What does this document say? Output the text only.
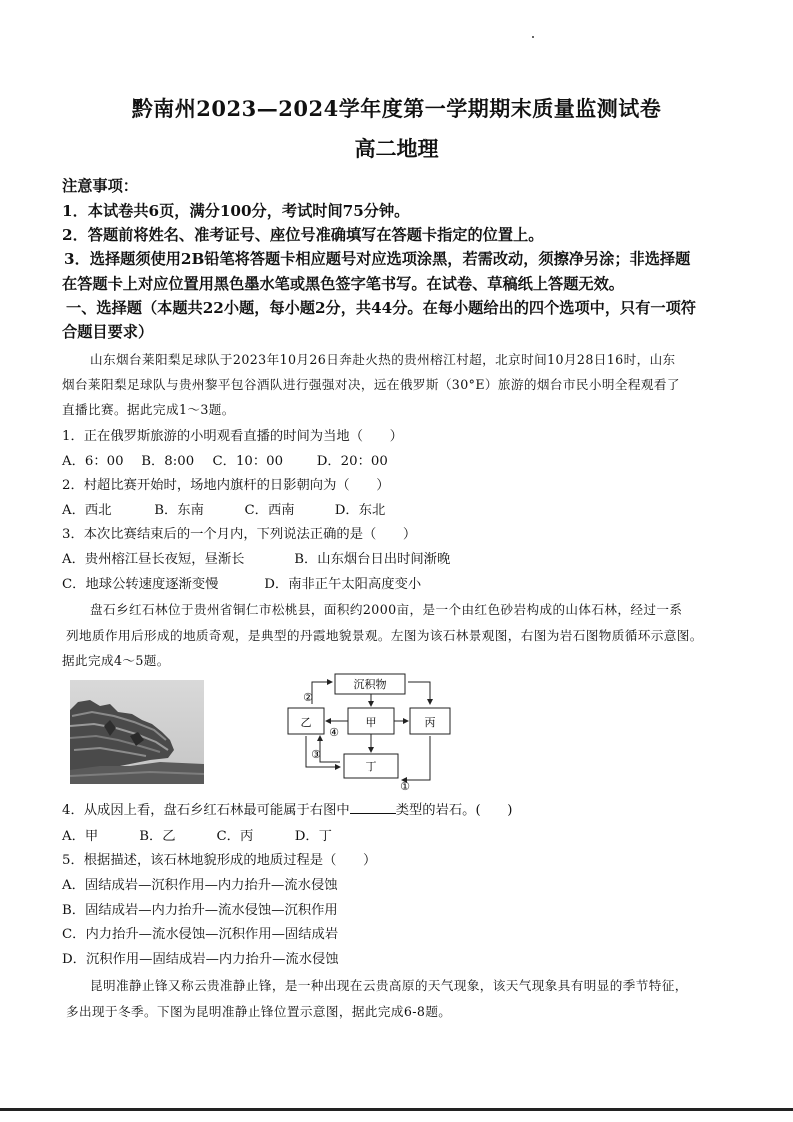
黔南州2023—2024学年度第一学期期末质量监测试卷
高二地理
注意事项：
1．本试卷共6页，满分100分，考试时间75分钟。
2．答题前将姓名、准考证号、座位号准确填写在答题卡指定的位置上。
3．选择题须使用2B铅笔将答题卡相应题号对应选项涂黑，若需改动，须擦净另涂；非选择题
在答题卡上对应位置用黑色墨水笔或黑色签字笔书写。在试卷、草稿纸上答题无效。
一、选择题（本题共22小题，每小题2分，共44分。在每小题给出的四个选项中，只有一项符
合题目要求）
山东烟台莱阳梨足球队于2023年10月26日奔赴火热的贵州榕江村超，北京时间10月28日16时，山东
烟台莱阳梨足球队与贵州黎平包谷酒队进行强强对决，远在俄罗斯（30°E）旅游的烟台市民小明全程观看了
直播比赛。据此完成1～3题。
1．正在俄罗斯旅游的小明观看直播的时间为当地（　　）
A．6：00 B．8:00 C．10：00	D．20：00
2．村超比赛开始时，场地内旗杆的日影朝向为（　　）
A．西北	B．东南	C．西南	D．东北
3．本次比赛结束后的一个月内，下列说法正确的是（　　）
A．贵州榕江昼长夜短，昼渐长	B．山东烟台日出时间渐晚
C．地球公转速度逐渐变慢	D．南非正午太阳高度变小
盘石乡红石林位于贵州省铜仁市松桃县，面积约2000亩，是一个由红色砂岩构成的山体石林，经过一系
列地质作用后形成的地质奇观，是典型的丹霞地貌景观。左图为该石林景观图，右图为岩石图物质循环示意图。
据此完成4～5题。
沉积物
乙	甲	丙
丁
②
④
③
①
4．从成因上看，盘石乡红石林最可能属于右图中	类型的岩石。(　　)
A．甲	B．乙	C．丙	D．丁
5．根据描述，该石林地貌形成的地质过程是（　　）
A．固结成岩—沉积作用—内力抬升—流水侵蚀
B．固结成岩—内力抬升—流水侵蚀—沉积作用
C．内力抬升—流水侵蚀—沉积作用—固结成岩
D．沉积作用—固结成岩—内力抬升—流水侵蚀
昆明准静止锋又称云贵准静止锋，是一种出现在云贵高原的天气现象，该天气现象具有明显的季节特征，
多出现于冬季。下图为昆明准静止锋位置示意图，据此完成6-8题。
